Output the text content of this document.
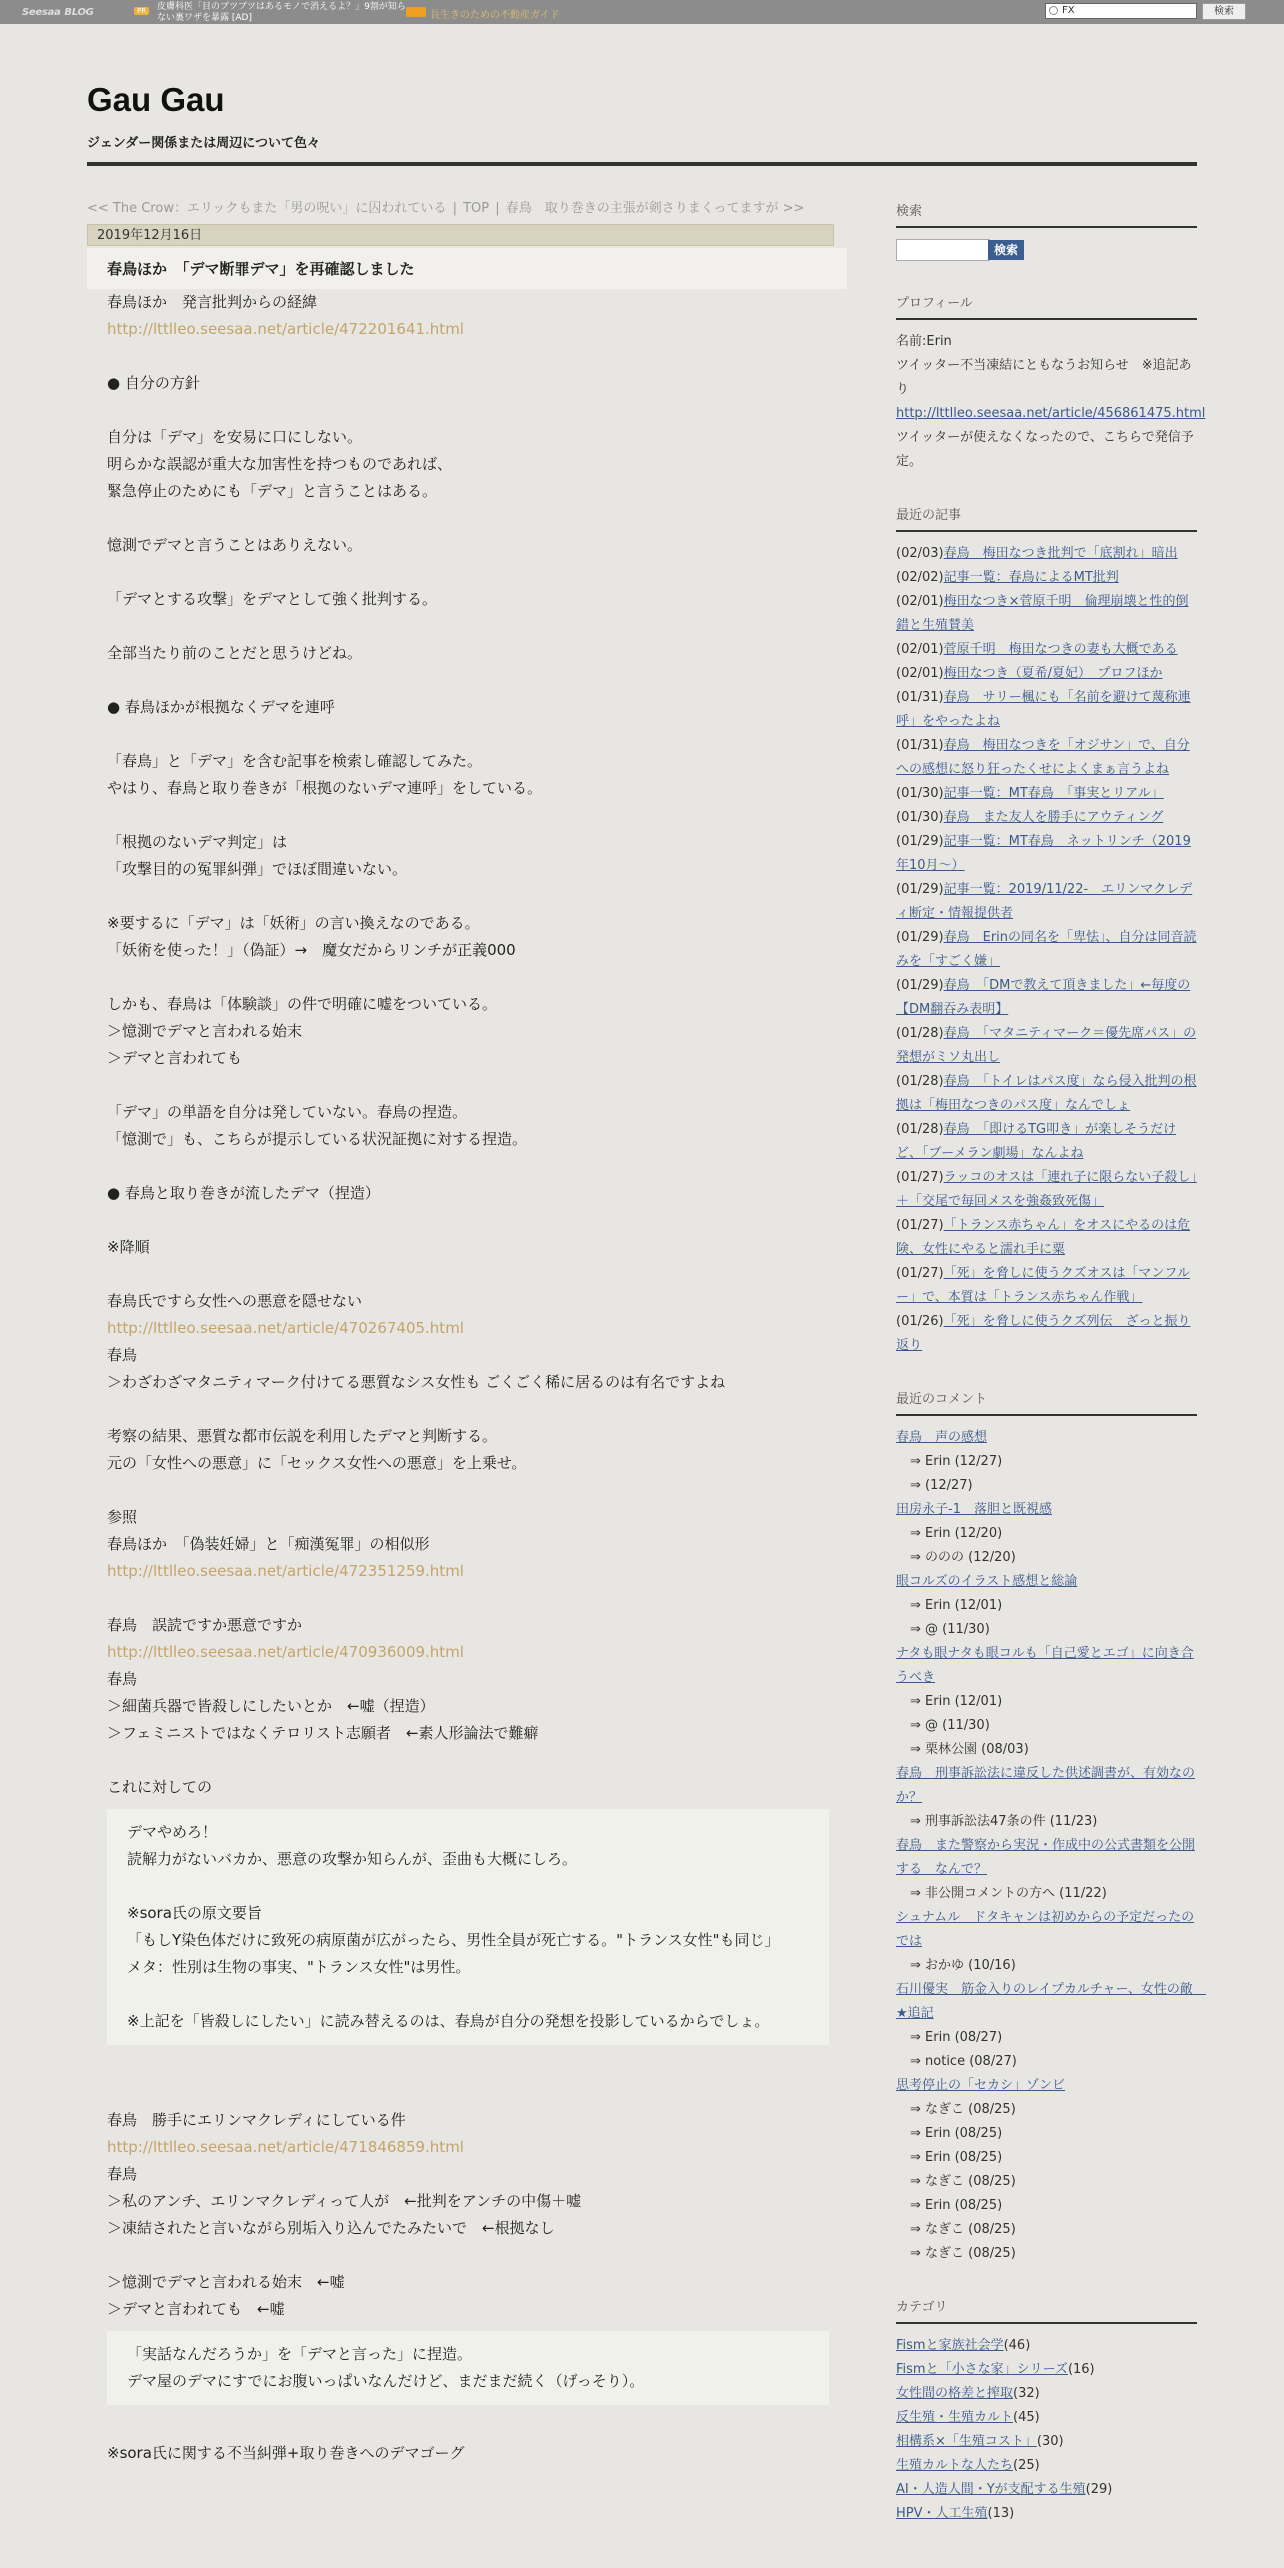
Seesaa BLOG	PR	皮膚科医「目のブツブツはあるモノで消えるよ？」9割が知らない裏ワザを暴露 [AD]	長生きのための不動産ガイド	FX	検索
Gau Gau
ジェンダー関係または周辺について色々
<< The Crow：エリックもまた「男の呪い」に囚われている | TOP | 春鳥　取り巻きの主張が剣さりまくってますが >>
2019年12月16日
春鳥ほか　「デマ断罪デマ」を再確認しました
春鳥ほか　発言批判からの経緯
http://lttlleo.seesaa.net/article/472201641.html
● 自分の方針
自分は「デマ」を安易に口にしない。
明らかな誤認が重大な加害性を持つものであれば、
緊急停止のためにも「デマ」と言うことはある。
憶測でデマと言うことはありえない。
「デマとする攻撃」をデマとして強く批判する。
全部当たり前のことだと思うけどね。
● 春鳥ほかが根拠なくデマを連呼
「春鳥」と「デマ」を含む記事を検索し確認してみた。
やはり、春鳥と取り巻きが「根拠のないデマ連呼」をしている。
「根拠のないデマ判定」は
「攻撃目的の冤罪糾弾」でほぼ間違いない。
※要するに「デマ」は「妖術」の言い換えなのである。
「妖術を使った！」（偽証）→　魔女だからリンチが正義000
しかも、春鳥は「体験談」の件で明確に嘘をついている。
＞憶測でデマと言われる始末
＞デマと言われても
「デマ」の単語を自分は発していない。春鳥の捏造。
「憶測で」も、こちらが提示している状況証拠に対する捏造。
● 春鳥と取り巻きが流したデマ（捏造）
※降順
春鳥氏ですら女性への悪意を隠せない
http://lttlleo.seesaa.net/article/470267405.html
春鳥
＞わざわざマタニティマーク付けてる悪質なシス女性も ごくごく稀に居るのは有名ですよね
考察の結果、悪質な都市伝説を利用したデマと判断する。
元の「女性への悪意」に「セックス女性への悪意」を上乗せ。
参照
春鳥ほか　「偽装妊婦」と「痴漢冤罪」の相似形
http://lttlleo.seesaa.net/article/472351259.html
春鳥　誤読ですか悪意ですか
http://lttlleo.seesaa.net/article/470936009.html
春鳥
＞細菌兵器で皆殺しにしたいとか　←嘘（捏造）
＞フェミニストではなくテロリスト志願者　←素人形論法で難癖
これに対しての
デマやめろ！
読解力がないバカか、悪意の攻撃か知らんが、歪曲も大概にしろ。
※sora氏の原文要旨
「もしY染色体だけに致死の病原菌が広がったら、男性全員が死亡する。"トランス女性"も同じ」
メタ：性別は生物の事実、"トランス女性"は男性。
※上記を「皆殺しにしたい」に読み替えるのは、春鳥が自分の発想を投影しているからでしょ。
春鳥　勝手にエリンマクレディにしている件
http://lttlleo.seesaa.net/article/471846859.html
春鳥
＞私のアンチ、エリンマクレディって人が　←批判をアンチの中傷＋嘘
＞凍結されたと言いながら別垢入り込んでたみたいで　←根拠なし
＞憶測でデマと言われる始末　←嘘
＞デマと言われても　←嘘
「実話なんだろうか」を「デマと言った」に捏造。
デマ屋のデマにすでにお腹いっぱいなんだけど、まだまだ続く（げっそり）。
※sora氏に関する不当糾弾+取り巻きへのデマゴーグ
検索
検索
プロフィール
名前:Erin
ツイッター不当凍結にともなうお知らせ　※追記あり
http://lttlleo.seesaa.net/article/456861475.html
ツイッターが使えなくなったので、こちらで発信予定。
最近の記事
(02/03)春鳥　梅田なつき批判で「底割れ」暗出
(02/02)記事一覧：春鳥によるMT批判
(02/01)梅田なつき×菅原千明　倫理崩壊と性的倒錯と生殖賛美
(02/01)菅原千明　梅田なつきの妻も大概である
(02/01)梅田なつき（夏希/夏妃）　プロフほか
(01/31)春鳥　サリー楓にも「名前を避けて蔑称連呼」をやったよね
(01/31)春鳥　梅田なつきを「オジサン」で、自分への感想に怒り狂ったくせによくまぁ言うよね
(01/30)記事一覧：MT春鳥　「事実とリアル」
(01/30)春鳥　また友人を勝手にアウティング
(01/29)記事一覧：MT春鳥　ネットリンチ（2019年10月～）
(01/29)記事一覧：2019/11/22-　エリンマクレディ断定・情報提供者
(01/29)春鳥　Erinの同名を「卑怯」、自分は同音読みを「すごく嫌」
(01/29)春鳥　「DMで教えて頂きました」←毎度の【DM翻吞み表明】
(01/28)春鳥　「マタニティマーク＝優先席パス」の発想がミソ丸出し
(01/28)春鳥　「トイレはパス度」なら侵入批判の根拠は「梅田なつきのパス度」なんでしょ
(01/28)春鳥　「即けるTG叩き」が楽しそうだけど、「ブーメラン劇場」なんよね
(01/27)ラッコのオスは「連れ子に限らない子殺し」＋「交尾で毎回メスを強姦致死傷」
(01/27)「トランス赤ちゃん」をオスにやるのは危険、女性にやると濡れ手に粟
(01/27)「死」を脅しに使うクズオスは「マンフルー」で、本質は「トランス赤ちゃん作戦」
(01/26)「死」を脅しに使うクズ列伝　ざっと振り返り
最近のコメント
春鳥　声の感想

⇒ Erin (12/27)
⇒ (12/27)
田房永子-1　落胆と既視感

⇒ Erin (12/20)
⇒ ののの (12/20)
眼コルズのイラスト感想と総論

⇒ Erin (12/01)
⇒ @ (11/30)
ナタも眼ナタも眼コルも「自己愛とエゴ」に向き合うべき

⇒ Erin (12/01)
⇒ @ (11/30)
⇒ 栗林公園 (08/03)
春鳥　刑事訴訟法に違反した供述調書が、有効なのか？

⇒ 刑事訴訟法47条の件 (11/23)
春鳥　また警察から実況・作成中の公式書類を公開する　なんで？

⇒ 非公開コメントの方へ (11/22)
シュナムル　ドタキャンは初めからの予定だったのでは

⇒ おかゆ (10/16)
石川優実　筋金入りのレイプカルチャー、女性の敵　★追記

⇒ Erin (08/27)
⇒ notice (08/27)
思考停止の「セカシ」ゾンビ

⇒ なぎこ (08/25)
⇒ Erin (08/25)
⇒ Erin (08/25)
⇒ なぎこ (08/25)
⇒ Erin (08/25)
⇒ なぎこ (08/25)
⇒ なぎこ (08/25)
カテゴリ
Fismと家族社会学(46)
Fismと「小さな家」シリーズ(16)
女性間の格差と搾取(32)
反生殖・生殖カルト(45)
相構系×「生殖コスト」(30)
生殖カルトな人たち(25)
AI・人造人間・Yが支配する生殖(29)
HPV・人工生殖(13)
